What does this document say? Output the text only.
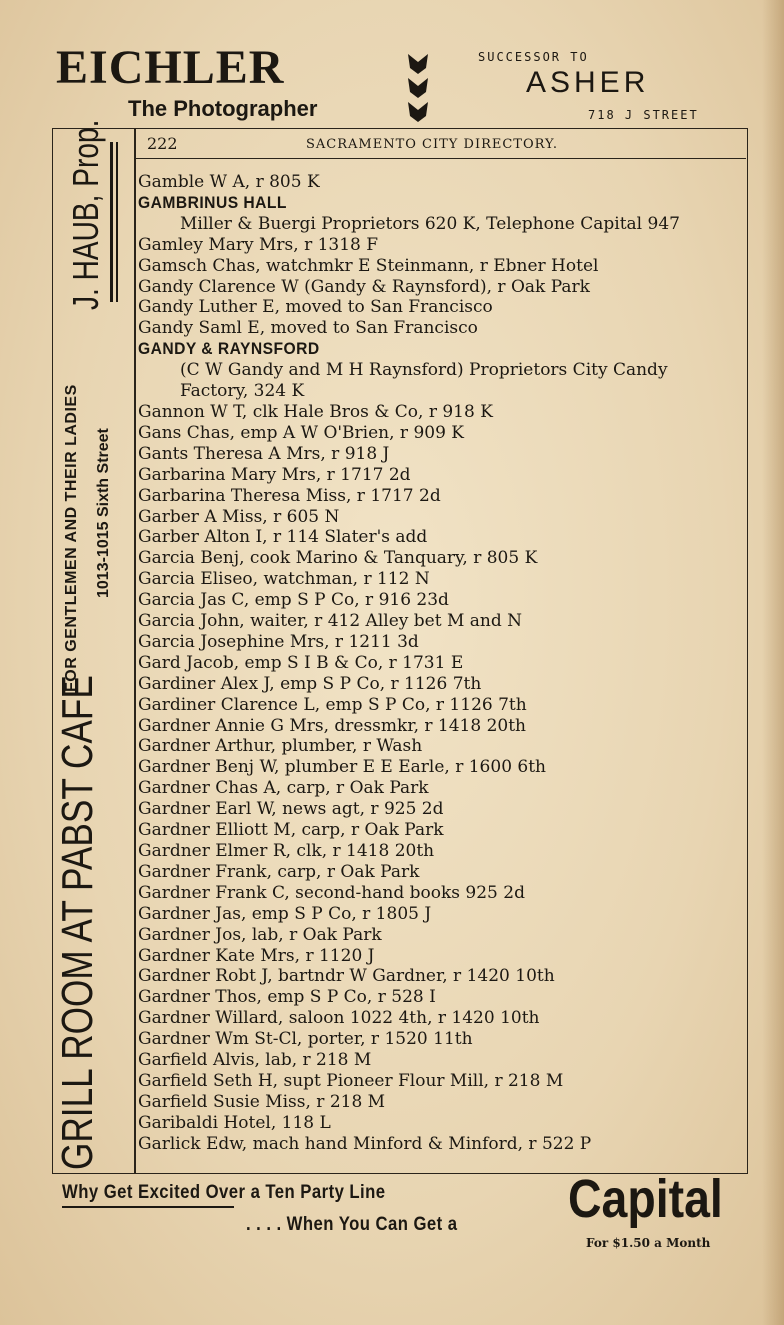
EICHLER
The Photographer
SUCCESSOR TO
ASHER
718 J STREET
222	SACRAMENTO CITY DIRECTORY.
J. HAUB, Prop.
GRILL ROOM AT PABST CAFE
FOR GENTLEMEN AND THEIR LADIES 1013-1015 Sixth Street
Gamble W A, r 805 K
GAMBRINUS HALL
Miller & Buergi Proprietors 620 K, Telephone Capital 947
Gamley Mary Mrs, r 1318 F
Gamsch Chas, watchmkr E Steinmann, r Ebner Hotel
Gandy Clarence W (Gandy & Raynsford), r Oak Park
Gandy Luther E, moved to San Francisco
Gandy Saml E, moved to San Francisco
GANDY & RAYNSFORD
(C W Gandy and M H Raynsford) Proprietors City Candy
Factory, 324 K
Gannon W T, clk Hale Bros & Co, r 918 K
Gans Chas, emp A W O'Brien, r 909 K
Gants Theresa A Mrs, r 918 J
Garbarina Mary Mrs, r 1717 2d
Garbarina Theresa Miss, r 1717 2d
Garber A Miss, r 605 N
Garber Alton I, r 114 Slater's add
Garcia Benj, cook Marino & Tanquary, r 805 K
Garcia Eliseo, watchman, r 112 N
Garcia Jas C, emp S P Co, r 916 23d
Garcia John, waiter, r 412 Alley bet M and N
Garcia Josephine Mrs, r 1211 3d
Gard Jacob, emp S I B & Co, r 1731 E
Gardiner Alex J, emp S P Co, r 1126 7th
Gardiner Clarence L, emp S P Co, r 1126 7th
Gardner Annie G Mrs, dressmkr, r 1418 20th
Gardner Arthur, plumber, r Wash
Gardner Benj W, plumber E E Earle, r 1600 6th
Gardner Chas A, carp, r Oak Park
Gardner Earl W, news agt, r 925 2d
Gardner Elliott M, carp, r Oak Park
Gardner Elmer R, clk, r 1418 20th
Gardner Frank, carp, r Oak Park
Gardner Frank C, second-hand books 925 2d
Gardner Jas, emp S P Co, r 1805 J
Gardner Jos, lab, r Oak Park
Gardner Kate Mrs, r 1120 J
Gardner Robt J, bartndr W Gardner, r 1420 10th
Gardner Thos, emp S P Co, r 528 I
Gardner Willard, saloon 1022 4th, r 1420 10th
Gardner Wm St-Cl, porter, r 1520 11th
Garfield Alvis, lab, r 218 M
Garfield Seth H, supt Pioneer Flour Mill, r 218 M
Garfield Susie Miss, r 218 M
Garibaldi Hotel, 118 L
Garlick Edw, mach hand Minford & Minford, r 522 P
Why Get Excited Over a Ten Party Line
. . . . When You Can Get a Capital
For $1.50 a Month
